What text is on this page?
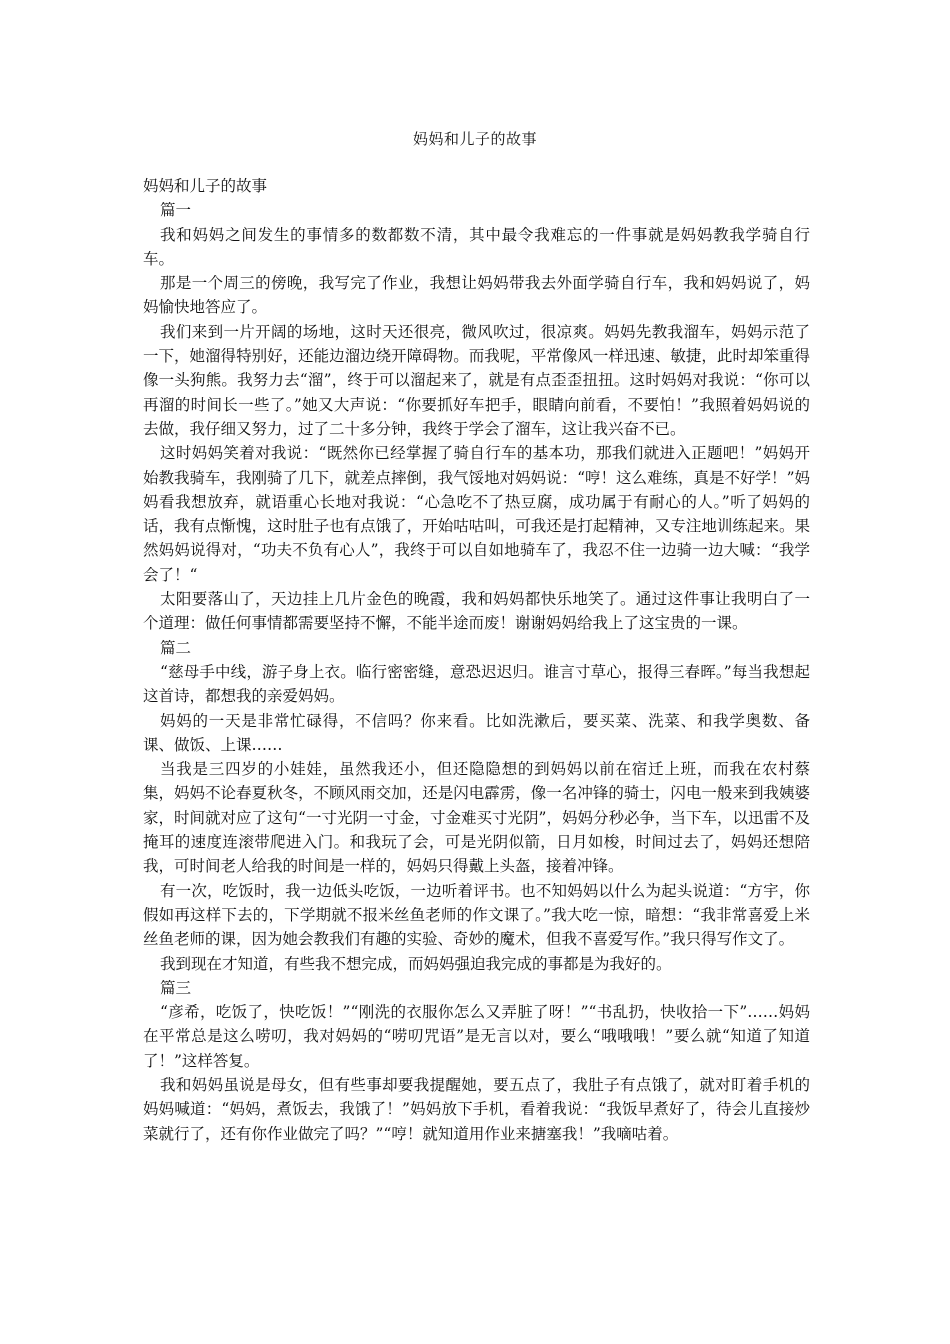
妈妈和儿子的故事

妈妈和儿子的故事

篇一

我和妈妈之间发生的事情多的数都数不清，其中最令我难忘的一件事就是妈妈教我学骑自行车。

那是一个周三的傍晚，我写完了作业，我想让妈妈带我去外面学骑自行车，我和妈妈说了，妈妈愉快地答应了。

我们来到一片开阔的场地，这时天还很亮，微风吹过，很凉爽。妈妈先教我溜车，妈妈示范了一下，她溜得特别好，还能边溜边绕开障碍物。而我呢，平常像风一样迅速、敏捷，此时却笨重得像一头狗熊。我努力去“溜”，终于可以溜起来了，就是有点歪歪扭扭。这时妈妈对我说：“你可以再溜的时间长一些了。”她又大声说：“你要抓好车把手，眼睛向前看，不要怕！”我照着妈妈说的去做，我仔细又努力，过了二十多分钟，我终于学会了溜车，这让我兴奋不已。

这时妈妈笑着对我说：“既然你已经掌握了骑自行车的基本功，那我们就进入正题吧！”妈妈开始教我骑车，我刚骑了几下，就差点摔倒，我气馁地对妈妈说：“哼！这么难练，真是不好学！”妈妈看我想放弃，就语重心长地对我说：“心急吃不了热豆腐，成功属于有耐心的人。”听了妈妈的话，我有点惭愧，这时肚子也有点饿了，开始咕咕叫，可我还是打起精神，又专注地训练起来。果然妈妈说得对，“功夫不负有心人”，我终于可以自如地骑车了，我忍不住一边骑一边大喊：“我学会了！“

太阳要落山了，天边挂上几片金色的晚霞，我和妈妈都快乐地笑了。通过这件事让我明白了一个道理：做任何事情都需要坚持不懈，不能半途而废！谢谢妈妈给我上了这宝贵的一课。

篇二

“慈母手中线，游子身上衣。临行密密缝，意恐迟迟归。谁言寸草心，报得三春晖。”每当我想起这首诗，都想我的亲爱妈妈。

妈妈的一天是非常忙碌得，不信吗？你来看。比如洗漱后，要买菜、洗菜、和我学奥数、备课、做饭、上课……

当我是三四岁的小娃娃，虽然我还小，但还隐隐想的到妈妈以前在宿迁上班，而我在农村蔡集，妈妈不论春夏秋冬，不顾风雨交加，还是闪电霹雳，像一名冲锋的骑士，闪电一般来到我姨婆家，时间就对应了这句“一寸光阴一寸金，寸金难买寸光阴”，妈妈分秒必争，当下车，以迅雷不及掩耳的速度连滚带爬进入门。和我玩了会，可是光阴似箭，日月如梭，时间过去了，妈妈还想陪我，可时间老人给我的时间是一样的，妈妈只得戴上头盔，接着冲锋。

有一次，吃饭时，我一边低头吃饭，一边听着评书。也不知妈妈以什么为起头说道：“方宇，你假如再这样下去的，下学期就不报米丝鱼老师的作文课了。”我大吃一惊，暗想：“我非常喜爱上米丝鱼老师的课，因为她会教我们有趣的实验、奇妙的魔术，但我不喜爱写作。”我只得写作文了。

我到现在才知道，有些我不想完成，而妈妈强迫我完成的事都是为我好的。

篇三

“彦希，吃饭了，快吃饭！”“刚洗的衣服你怎么又弄脏了呀！”“书乱扔，快收拾一下”……妈妈在平常总是这么唠叨，我对妈妈的“唠叨咒语”是无言以对，要么“哦哦哦！”要么就“知道了知道了！”这样答复。

我和妈妈虽说是母女，但有些事却要我提醒她，要五点了，我肚子有点饿了，就对盯着手机的妈妈喊道：“妈妈，煮饭去，我饿了！”妈妈放下手机，看着我说：“我饭早煮好了，待会儿直接炒菜就行了，还有你作业做完了吗？”“哼！就知道用作业来搪塞我！”我嘀咕着。
